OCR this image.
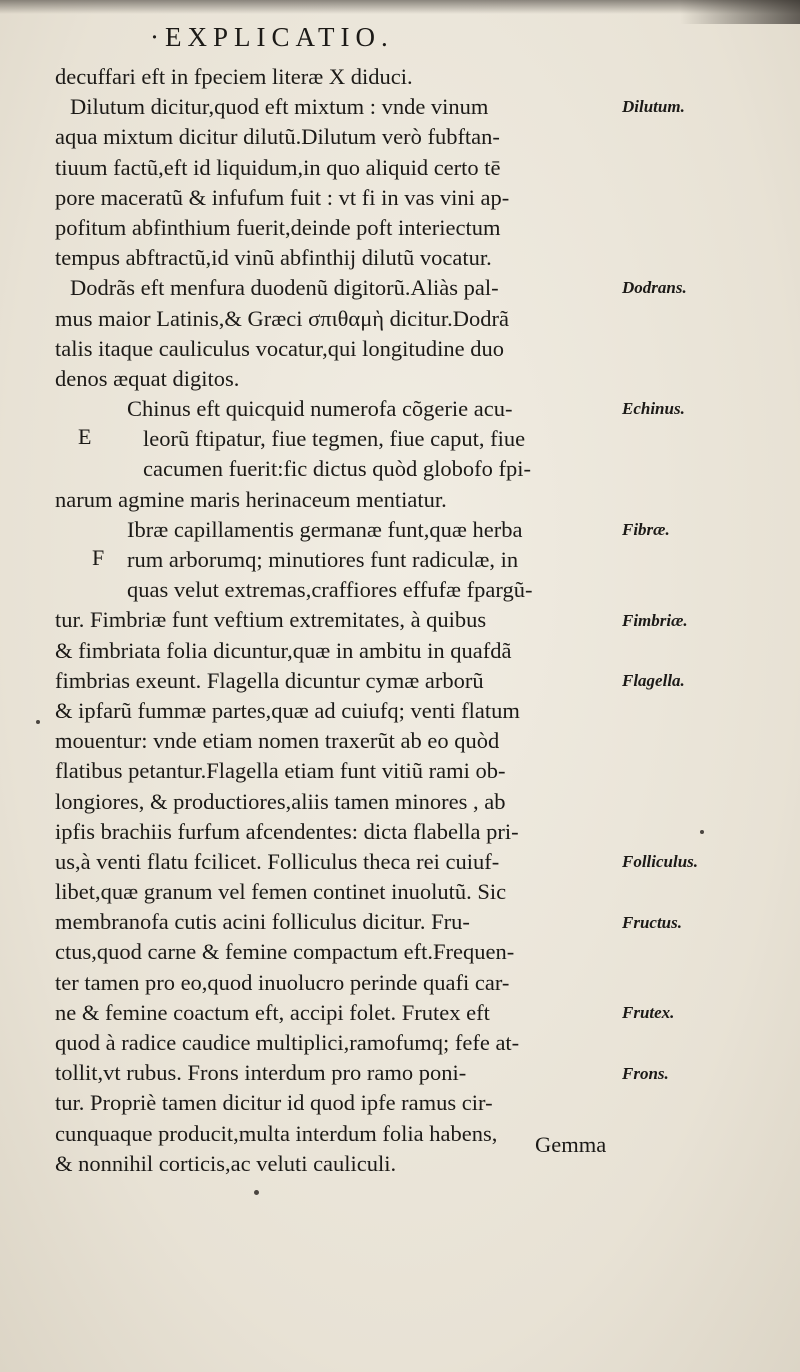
·EXPLICATIO.
decuffari eft in fpeciem literæ X diduci.
Dilutum dicitur,quod eft mixtum : vnde vinum
aqua mixtum dicitur dilutũ.Dilutum verò fubftan-
tiuum factũ,eft id liquidum,in quo aliquid certo tē
pore maceratũ & infufum fuit : vt fi in vas vini ap-
pofitum abfinthium fuerit,deinde poft interiectum
tempus abftractũ,id vinũ abfinthij dilutũ vocatur.
Dodrãs eft menfura duodenũ digitorũ.Aliàs pal-
mus maior Latinis,& Græci σπιθαμὴ dicitur.Dodrã
talis itaque cauliculus vocatur,qui longitudine duo
denos æquat digitos.
Chinus eft quicquid numerofa cõgerie acu-
leorũ ftipatur, fiue tegmen, fiue caput, fiue
cacumen fuerit:fic dictus quòd globofo fpi-
narum agmine maris herinaceum mentiatur.
Ibræ capillamentis germanæ funt,quæ herba
rum arborumq; minutiores funt radiculæ, in
quas velut extremas,craffiores effufæ fpargũ-
tur. Fimbriæ funt veftium extremitates, à quibus
& fimbriata folia dicuntur,quæ in ambitu in quafdã
fimbrias exeunt. Flagella dicuntur cymæ arborũ
& ipfarũ fummæ partes,quæ ad cuiufq; venti flatum
mouentur: vnde etiam nomen traxerũt ab eo quòd
flatibus petantur.Flagella etiam funt vitiũ rami ob-
longiores, & productiores,aliis tamen minores , ab
ipfis brachiis furfum afcendentes: dicta flabella pri-
us,à venti flatu fcilicet. Folliculus theca rei cuiuf-
libet,quæ granum vel femen continet inuolutũ. Sic
membranofa cutis acini folliculus dicitur. Fru-
ctus,quod carne & femine compactum eft.Frequen-
ter tamen pro eo,quod inuolucro perinde quafi car-
ne & femine coactum eft, accipi folet. Frutex eft
quod à radice caudice multiplici,ramofumq; fefe at-
tollit,vt rubus. Frons interdum pro ramo poni-
tur. Propriè tamen dicitur id quod ipfe ramus cir-
cunquaque producit,multa interdum folia habens,
& nonnihil corticis,ac veluti cauliculi.
E
F
Dilutum.
Dodrans.
Echinus.
Fibræ.
Fimbriæ.
Flagella.
Folliculus.
Fructus.
Frutex.
Frons.
Gemma
